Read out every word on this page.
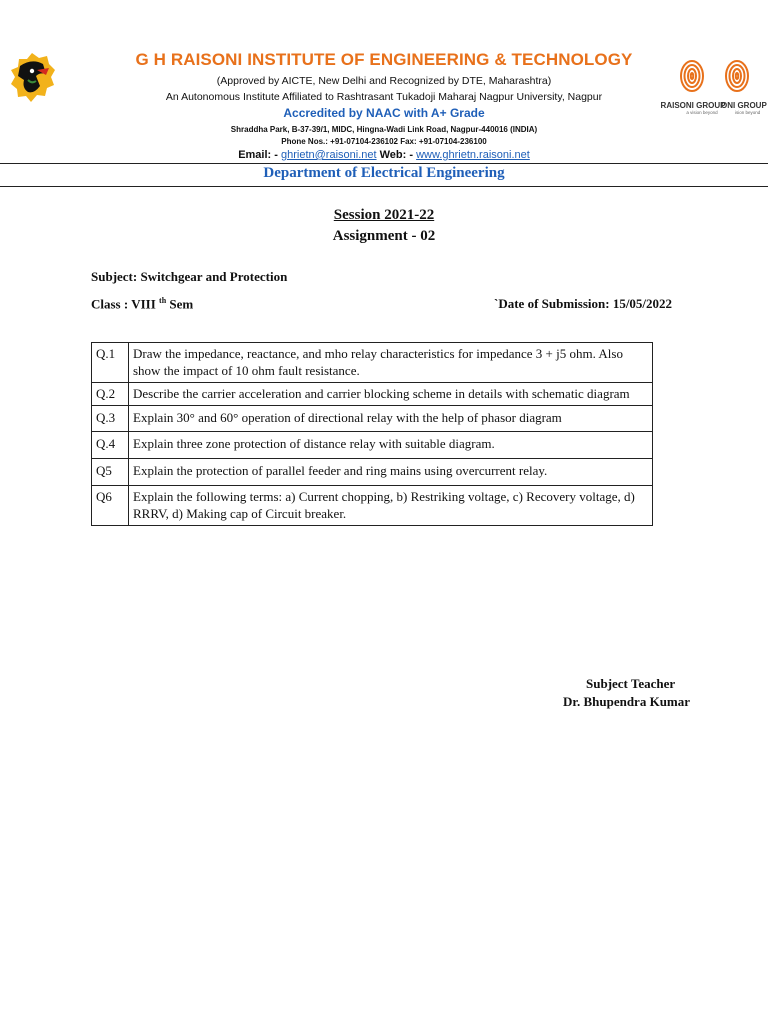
RAISONI GROUP
a vision beyond
ONI GROUP
ision beyond
G H RAISONI INSTITUTE OF ENGINEERING & TECHNOLOGY
(Approved by AICTE, New Delhi and Recognized by DTE, Maharashtra)
An Autonomous Institute Affiliated to Rashtrasant Tukadoji Maharaj Nagpur University, Nagpur
Accredited by NAAC with A+ Grade
Shraddha Park, B-37-39/1, MIDC, Hingna-Wadi Link Road, Nagpur-440016 (INDIA)
Phone Nos.: +91-07104-236102 Fax: +91-07104-236100
Email: - ghrietn@raisoni.net Web: - www.ghrietn.raisoni.net
Department of Electrical Engineering
Session 2021-22
Assignment - 02
Subject: Switchgear and Protection
Class : VIII $^{th}$ Sem	`Date of Submission: 15/05/2022
Q.1	Draw the impedance, reactance, and mho relay characteristics for impedance 3 + j5 ohm. Also show the impact of 10 ohm fault resistance.
Q.2	Describe the carrier acceleration and carrier blocking scheme in details with schematic diagram
Q.3	Explain 30° and 60° operation of directional relay with the help of phasor diagram
Q.4	Explain three zone protection of distance relay with suitable diagram.
Q5	Explain the protection of parallel feeder and ring mains using overcurrent relay.
Q6	Explain the following terms: a) Current chopping, b) Restriking voltage, c) Recovery voltage, d) RRRV, d) Making cap of Circuit breaker.
Subject Teacher
Dr. Bhupendra Kumar
